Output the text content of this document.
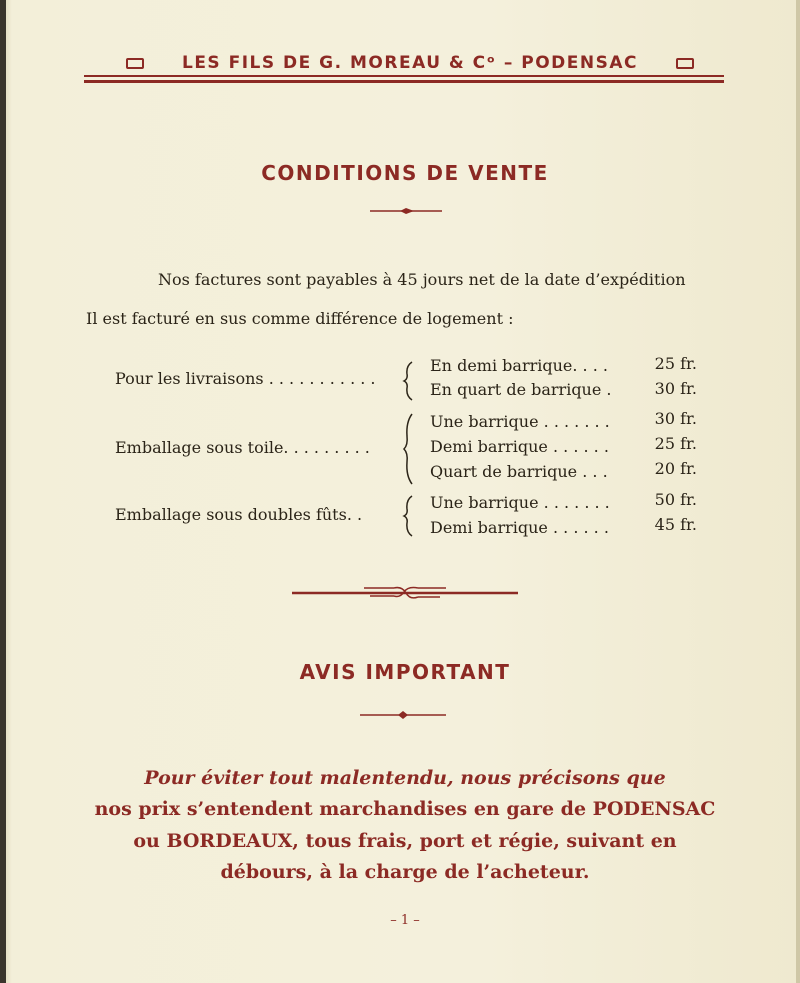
LES FILS DE G. MOREAU & Cᵒ – PODENSAC
CONDITIONS DE VENTE
Nos factures sont payables à 45 jours net de la date d’expédition
Il est facturé en sus comme différence de logement :
Pour les livraisons . . . . . . . . . . .
En demi barrique. . . .	25 fr.
En quart de barrique .	30 fr.
Emballage sous toile. . . . . . . . .
Une barrique . . . . . . .	30 fr.
Demi barrique . . . . . .	25 fr.
Quart de barrique . . .	20 fr.
Emballage sous doubles fûts. .
Une barrique . . . . . . .	50 fr.
Demi barrique . . . . . .	45 fr.
AVIS IMPORTANT
Pour éviter tout malentendu, nous précisons que
nos prix s’entendent marchandises en gare de PODENSAC
ou BORDEAUX, tous frais, port et régie, suivant en
débours, à la charge de l’acheteur.
– 1 –
